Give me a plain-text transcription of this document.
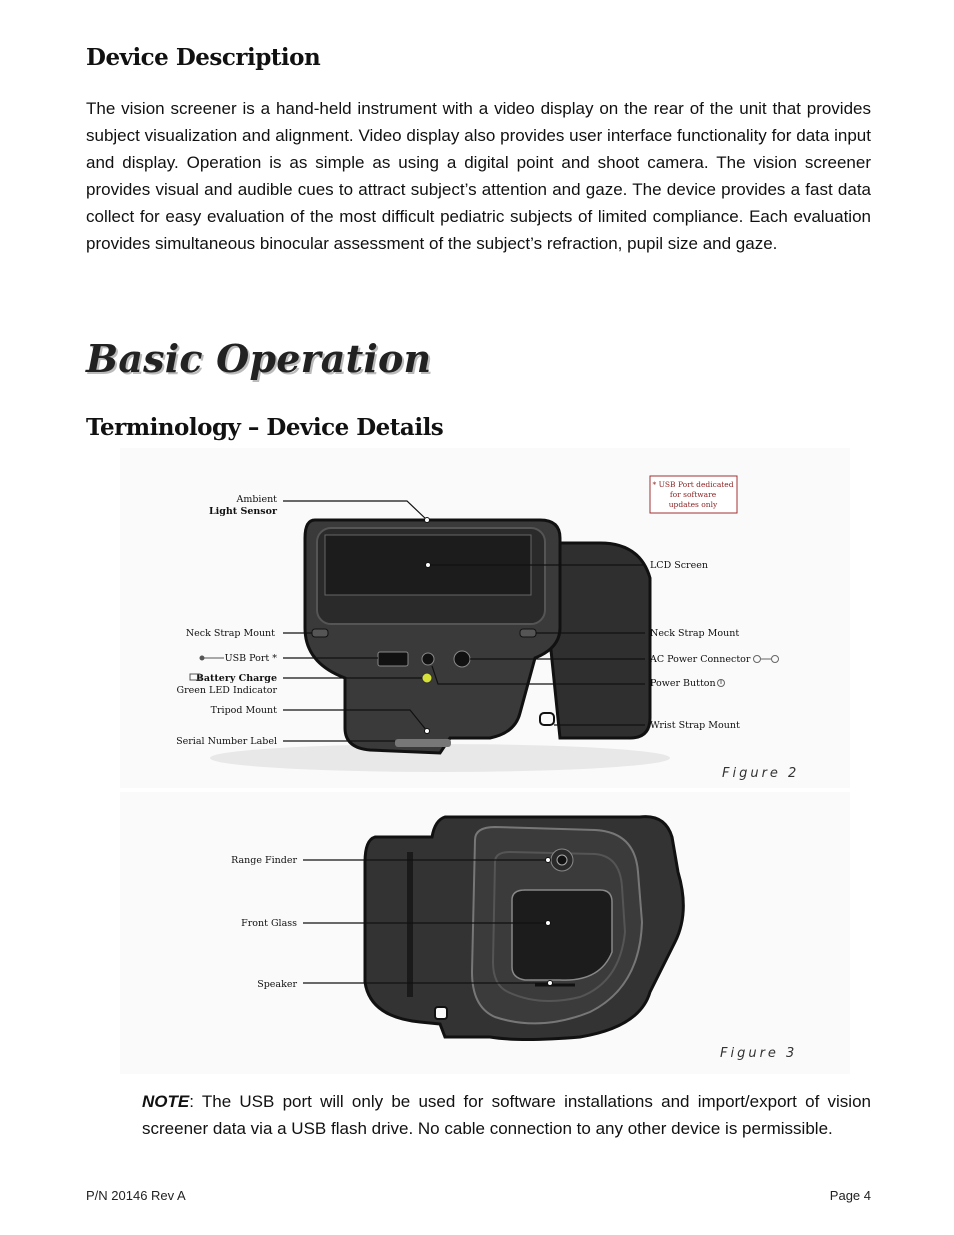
Device Description

The vision screener is a hand-held instrument with a video display on the rear of the unit that provides subject visualization and alignment. Video display also provides user interface functionality for data input and display. Operation is as simple as using a digital point and shoot camera. The vision screener provides visual and audible cues to attract subject’s attention and gaze. The device provides a fast data collect for easy evaluation of the most difficult pediatric subjects of limited compliance. Each evaluation provides simultaneous binocular assessment of the subject’s refraction, pupil size and gaze.

Basic Operation
Terminology – Device Details
* USB Port dedicated
for software
updates only
Ambient
Light Sensor
Neck Strap Mount
USB Port *
Battery Charge
Green LED Indicator
Tripod Mount
Serial Number Label
LCD Screen
Neck Strap Mount
AC Power Connector
Power Button
Wrist Strap Mount
Figure 2
Range Finder
Front Glass
Speaker
Figure 3

NOTE: The USB port will only be used for software installations and import/export of vision screener data via a USB flash drive. No cable connection to any other device is permissible.

P/N 20146 Rev A	Page 4
